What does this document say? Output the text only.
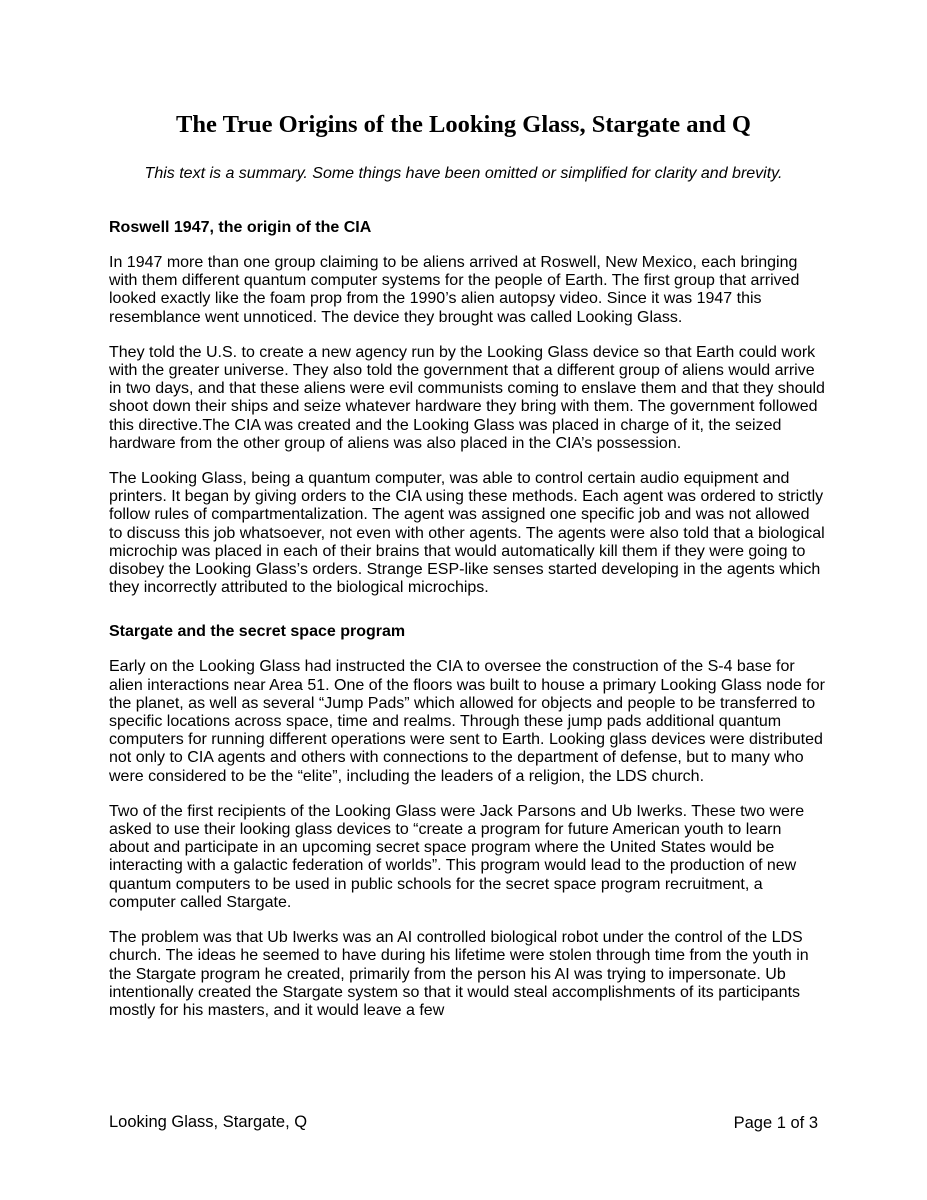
The True Origins of the Looking Glass, Stargate and Q
This text is a summary. Some things have been omitted or simplified for clarity and brevity.
Roswell 1947, the origin of the CIA

In 1947 more than one group claiming to be aliens arrived at Roswell, New Mexico, each bringing with them different quantum computer systems for the people of Earth. The first group that arrived looked exactly like the foam prop from the 1990’s alien autopsy video. Since it was 1947 this resemblance went unnoticed. The device they brought was called Looking Glass.

They told the U.S. to create a new agency run by the Looking Glass device so that Earth could work with the greater universe. They also told the government that a different group of aliens would arrive in two days, and that these aliens were evil communists coming to enslave them and that they should shoot down their ships and seize whatever hardware they bring with them. The government followed this directive.The CIA was created and the Looking Glass was placed in charge of it, the seized hardware from the other group of aliens was also placed in the CIA’s possession.

The Looking Glass, being a quantum computer, was able to control certain audio equipment and printers. It began by giving orders to the CIA using these methods. Each agent was ordered to strictly follow rules of compartmentalization. The agent was assigned one specific job and was not allowed to discuss this job whatsoever, not even with other agents. The agents were also told that a biological microchip was placed in each of their brains that would automatically kill them if they were going to disobey the Looking Glass’s orders. Strange ESP-like senses started developing in the agents which they incorrectly attributed to the biological microchips.

Stargate and the secret space program

Early on the Looking Glass had instructed the CIA to oversee the construction of the S-4 base for alien interactions near Area 51. One of the floors was built to house a primary Looking Glass node for the planet, as well as several “Jump Pads” which allowed for objects and people to be transferred to specific locations across space, time and realms. Through these jump pads additional quantum computers for running different operations were sent to Earth. Looking glass devices were distributed not only to CIA agents and others with connections to the department of defense, but to many who were considered to be the “elite”, including the leaders of a religion, the LDS church.

Two of the first recipients of the Looking Glass were Jack Parsons and Ub Iwerks. These two were asked to use their looking glass devices to “create a program for future American youth to learn about and participate in an upcoming secret space program where the United States would be interacting with a galactic federation of worlds”. This program would lead to the production of new quantum computers to be used in public schools for the secret space program recruitment, a computer called Stargate.

The problem was that Ub Iwerks was an AI controlled biological robot under the control of the LDS church. The ideas he seemed to have during his lifetime were stolen through time from the youth in the Stargate program he created, primarily from the person his AI was trying to impersonate. Ub intentionally created the Stargate system so that it would steal accomplishments of its participants mostly for his masters, and it would leave a few

Looking Glass, Stargate, Q	Page 1 of 3
